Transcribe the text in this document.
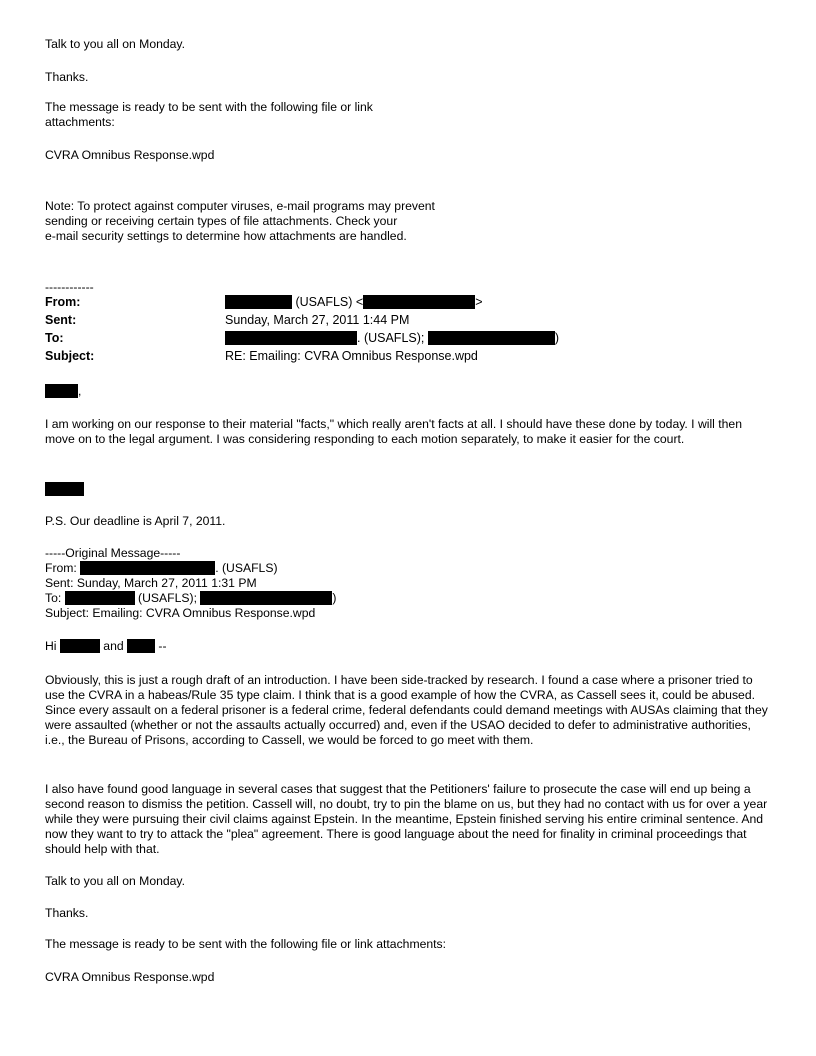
Talk to you all on Monday.

Thanks.

The message is ready to be sent with the following file or link

attachments:

CVRA Omnibus Response.wpd

Note: To protect against computer viruses, e-mail programs may prevent

sending or receiving certain types of file attachments. Check your

e-mail security settings to determine how attachments are handled.

------------

From:	(USAFLS) <	>
Sent:	Sunday, March 27, 2011 1:44 PM
To:	. (USAFLS);	)
Subject:	RE: Emailing: CVRA Omnibus Response.wpd

,

I am working on our response to their material "facts," which really aren't facts at all. I should have these done by today. I will then move on to the legal argument. I was considering responding to each motion separately, to make it easier for the court.

P.S. Our deadline is April 7, 2011.

-----Original Message-----

From:	. (USAFLS)

Sent: Sunday, March 27, 2011 1:31 PM

To:	(USAFLS);	)

Subject: Emailing: CVRA Omnibus Response.wpd

Hi	and	--

Obviously, this is just a rough draft of an introduction. I have been side-tracked by research. I found a case where a prisoner tried to use the CVRA in a habeas/Rule 35 type claim. I think that is a good example of how the CVRA, as Cassell sees it, could be abused. Since every assault on a federal prisoner is a federal crime, federal defendants could demand meetings with AUSAs claiming that they were assaulted (whether or not the assaults actually occurred) and, even if the USAO decided to defer to administrative authorities, i.e., the Bureau of Prisons, according to Cassell, we would be forced to go meet with them.

I also have found good language in several cases that suggest that the Petitioners' failure to prosecute the case will end up being a second reason to dismiss the petition. Cassell will, no doubt, try to pin the blame on us, but they had no contact with us for over a year while they were pursuing their civil claims against Epstein. In the meantime, Epstein finished serving his entire criminal sentence. And now they want to try to attack the "plea" agreement. There is good language about the need for finality in criminal proceedings that should help with that.

Talk to you all on Monday.

Thanks.

The message is ready to be sent with the following file or link attachments:

CVRA Omnibus Response.wpd
